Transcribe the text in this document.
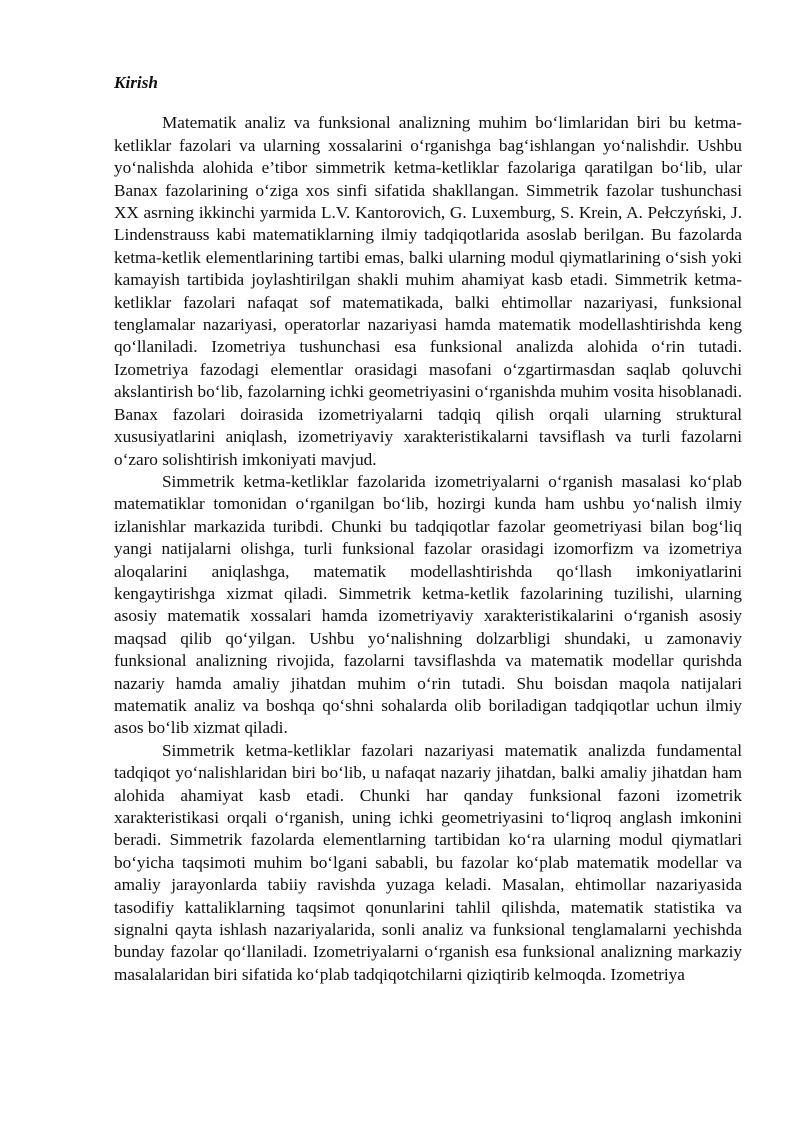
Kirish

Matematik analiz va funksional analizning muhim bo‘limlaridan biri bu ketma-ketliklar fazolari va ularning xossalarini o‘rganishga bag‘ishlangan yo‘nalishdir. Ushbu yo‘nalishda alohida e’tibor simmetrik ketma-ketliklar fazolariga qaratilgan bo‘lib, ular Banax fazolarining o‘ziga xos sinfi sifatida shakllangan. Simmetrik fazolar tushunchasi XX asrning ikkinchi yarmida L.V. Kantorovich, G. Luxemburg, S. Krein, A. Pełczyński, J. Lindenstrauss kabi matematiklarning ilmiy tadqiqotlarida asoslab berilgan. Bu fazolarda ketma-ketlik elementlarining tartibi emas, balki ularning modul qiymatlarining o‘sish yoki kamayish tartibida joylashtirilgan shakli muhim ahamiyat kasb etadi. Simmetrik ketma-ketliklar fazolari nafaqat sof matematikada, balki ehtimollar nazariyasi, funksional tenglamalar nazariyasi, operatorlar nazariyasi hamda matematik modellashtirishda keng qo‘llaniladi. Izometriya tushunchasi esa funksional analizda alohida o‘rin tutadi. Izometriya fazodagi elementlar orasidagi masofani o‘zgartirmasdan saqlab qoluvchi akslantirish bo‘lib, fazolarning ichki geometriyasini o‘rganishda muhim vosita hisoblanadi. Banax fazolari doirasida izometriyalarni tadqiq qilish orqali ularning struktural xususiyatlarini aniqlash, izometriyaviy xarakteristikalarni tavsiflash va turli fazolarni o‘zaro solishtirish imkoniyati mavjud.

Simmetrik ketma-ketliklar fazolarida izometriyalarni o‘rganish masalasi ko‘plab matematiklar tomonidan o‘rganilgan bo‘lib, hozirgi kunda ham ushbu yo‘nalish ilmiy izlanishlar markazida turibdi. Chunki bu tadqiqotlar fazolar geometriyasi bilan bog‘liq yangi natijalarni olishga, turli funksional fazolar orasidagi izomorfizm va izometriya aloqalarini aniqlashga, matematik modellashtirishda qo‘llash imkoniyatlarini kengaytirishga xizmat qiladi. Simmetrik ketma-ketlik fazolarining tuzilishi, ularning asosiy matematik xossalari hamda izometriyaviy xarakteristikalarini o‘rganish asosiy maqsad qilib qo‘yilgan. Ushbu yo‘nalishning dolzarbligi shundaki, u zamonaviy funksional analizning rivojida, fazolarni tavsiflashda va matematik modellar qurishda nazariy hamda amaliy jihatdan muhim o‘rin tutadi. Shu boisdan maqola natijalari matematik analiz va boshqa qo‘shni sohalarda olib boriladigan tadqiqotlar uchun ilmiy asos bo‘lib xizmat qiladi.

Simmetrik ketma-ketliklar fazolari nazariyasi matematik analizda fundamental tadqiqot yo‘nalishlaridan biri bo‘lib, u nafaqat nazariy jihatdan, balki amaliy jihatdan ham alohida ahamiyat kasb etadi. Chunki har qanday funksional fazoni izometrik xarakteristikasi orqali o‘rganish, uning ichki geometriyasini to‘liqroq anglash imkonini beradi. Simmetrik fazolarda elementlarning tartibidan ko‘ra ularning modul qiymatlari bo‘yicha taqsimoti muhim bo‘lgani sababli, bu fazolar ko‘plab matematik modellar va amaliy jarayonlarda tabiiy ravishda yuzaga keladi. Masalan, ehtimollar nazariyasida tasodifiy kattaliklarning taqsimot qonunlarini tahlil qilishda, matematik statistika va signalni qayta ishlash nazariyalarida, sonli analiz va funksional tenglamalarni yechishda bunday fazolar qo‘llaniladi. Izometriyalarni o‘rganish esa funksional analizning markaziy masalalaridan biri sifatida ko‘plab tadqiqotchilarni qiziqtirib kelmoqda. Izometriya
